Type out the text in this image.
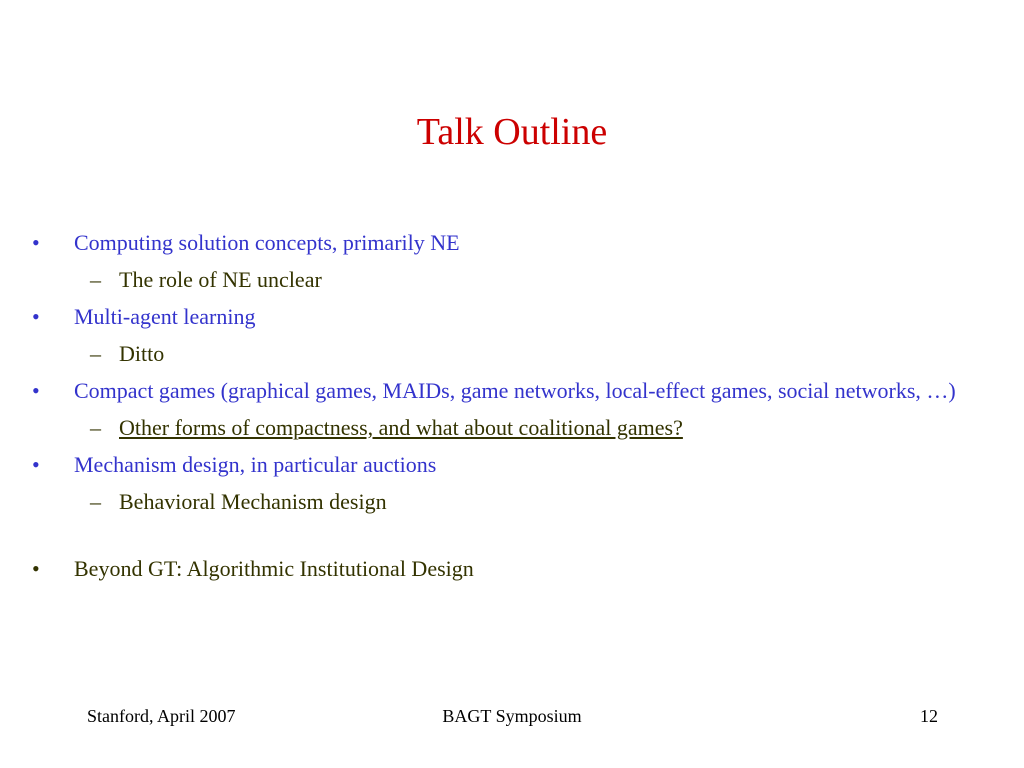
Talk Outline
•	Computing solution concepts, primarily NE
– The role of NE unclear
•	Multi-agent learning
– Ditto
•	Compact games (graphical games, MAIDs, game networks, local-effect games, social networks, …)
– Other forms of compactness, and what about coalitional games?
•	Mechanism design, in particular auctions
– Behavioral Mechanism design
•	Beyond GT: Algorithmic Institutional Design
Stanford, April 2007	BAGT Symposium	12
